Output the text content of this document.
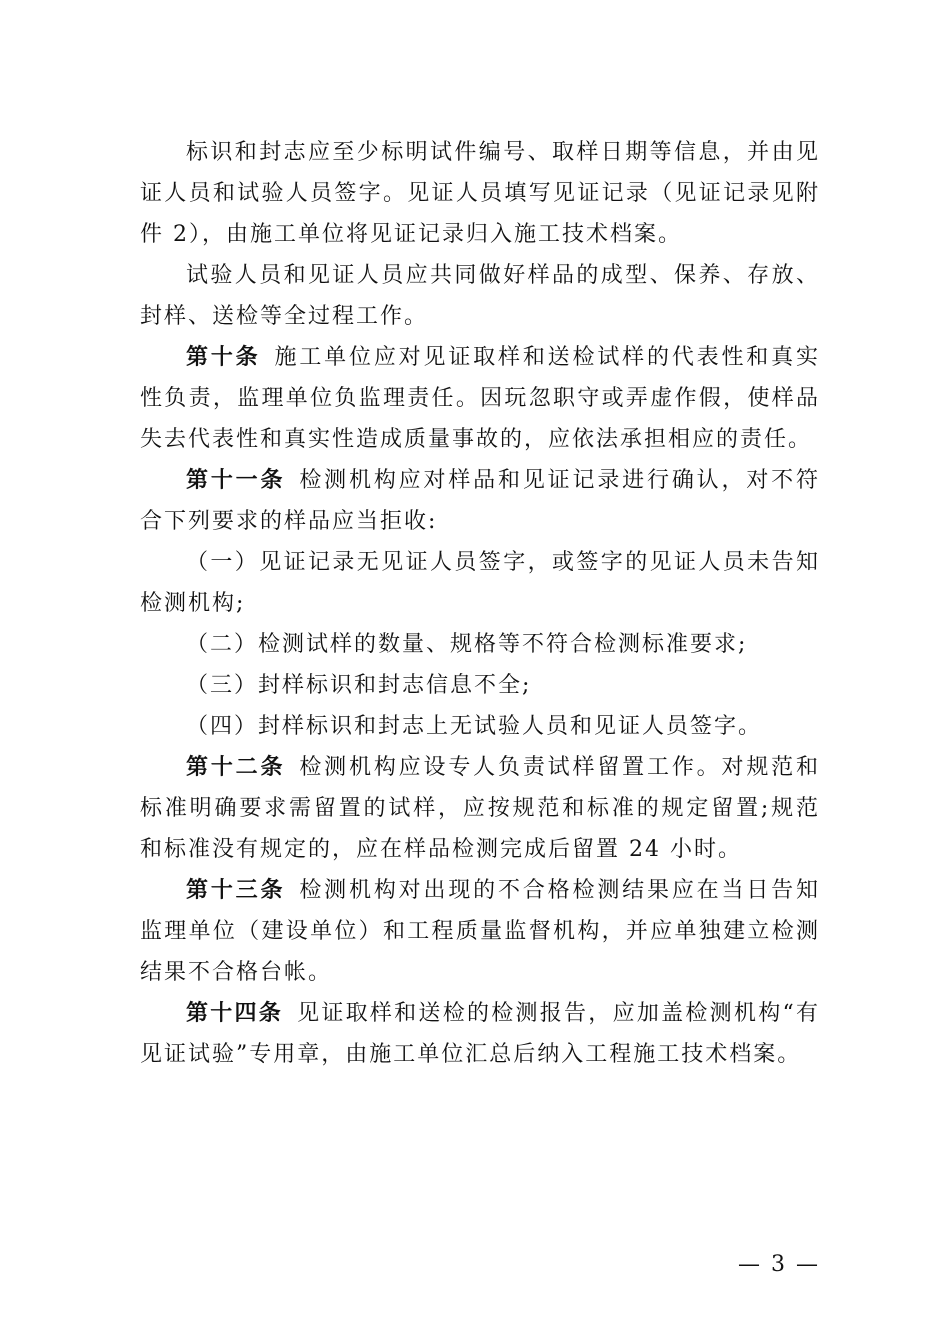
标识和封志应至少标明试件编号、取样日期等信息，并由见证人员和试验人员签字。见证人员填写见证记录（见证记录见附件 2），由施工单位将见证记录归入施工技术档案。

试验人员和见证人员应共同做好样品的成型、保养、存放、封样、送检等全过程工作。

第十条 施工单位应对见证取样和送检试样的代表性和真实性负责，监理单位负监理责任。因玩忽职守或弄虚作假，使样品失去代表性和真实性造成质量事故的，应依法承担相应的责任。

第十一条 检测机构应对样品和见证记录进行确认，对不符合下列要求的样品应当拒收:

（一）见证记录无见证人员签字，或签字的见证人员未告知检测机构;

（二）检测试样的数量、规格等不符合检测标准要求;

（三）封样标识和封志信息不全;

（四）封样标识和封志上无试验人员和见证人员签字。

第十二条 检测机构应设专人负责试样留置工作。对规范和标准明确要求需留置的试样，应按规范和标准的规定留置;规范和标准没有规定的，应在样品检测完成后留置 24 小时。

第十三条 检测机构对出现的不合格检测结果应在当日告知监理单位（建设单位）和工程质量监督机构，并应单独建立检测结果不合格台帐。

第十四条 见证取样和送检的检测报告，应加盖检测机构“有见证试验”专用章，由施工单位汇总后纳入工程施工技术档案。

— 3 —
